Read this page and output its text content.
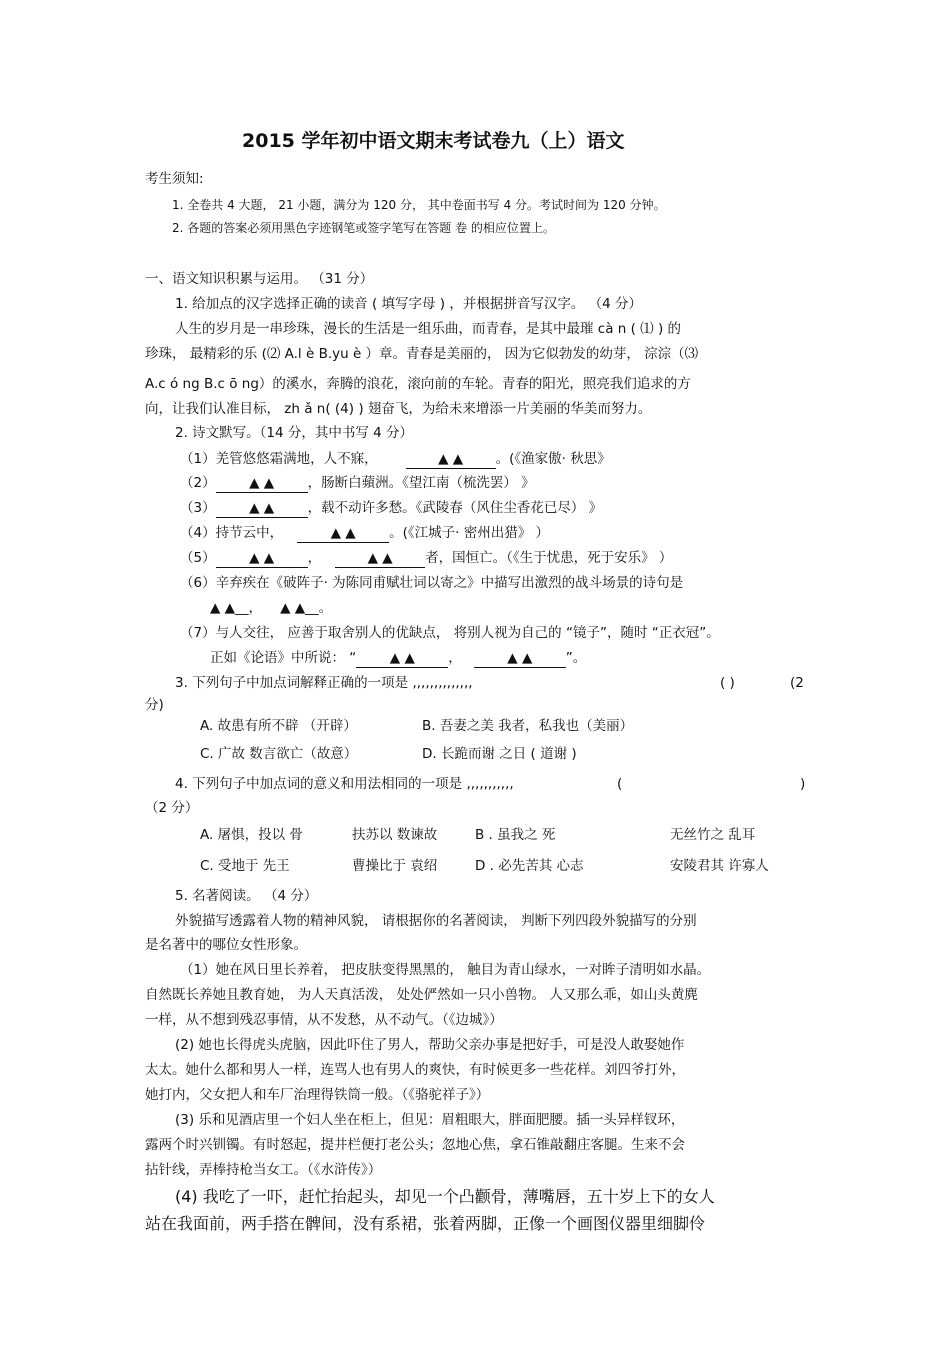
2015 学年初中语文期末考试卷九（上）语文
考生须知:
1. 全卷共 4 大题， 21 小题，满分为 120 分， 其中卷面书写 4 分。考试时间为 120 分钟。
2. 各题的答案必须用黑色字迹钢笔或签字笔写在答题 卷 的相应位置上。
一、语文知识积累与运用。 （31 分）
1. 给加点的汉字选择正确的读音 ( 填写字母 ) ，并根据拼音写汉字。 （4 分）
人生的岁月是一串珍珠，漫长的生活是一组乐曲，而青春，是其中最璀 cà n ( ⑴ ) 的
珍珠， 最精彩的乐 (⑵ A.l è B.yu è ）章。青春是美丽的， 因为它似勃发的幼芽， 淙淙（⑶
A.c ó ng B.c ō ng）的溪水，奔腾的浪花，滚向前的车轮。青春的阳光，照亮我们追求的方
向，让我们认准目标， zh ǎ n( (4) ) 翅奋飞，为给未来增添一片美丽的华美而努力。
2. 诗文默写。（14 分，其中书写 4 分）
（1）羌管悠悠霜满地，人不寐，	▲ ▲ 。(《渔家傲· 秋思》
（2） ▲ ▲ ，肠断白蘋洲。《望江南（梳洗罢） 》
（3） ▲ ▲ ，载不动许多愁。《武陵春（风住尘香花已尽） 》
（4）持节云中，	▲ ▲ 。(《江城子· 密州出猎》 ）
（5） ▲ ▲ ，	▲ ▲ 者，国恒亡。（《生于忧患，死于安乐》 ）
（6）辛弃疾在《破阵子· 为陈同甫赋壮词以寄之》中描写出激烈的战斗场景的诗句是
▲ ▲__， ▲ ▲__。
（7）与人交往， 应善于取舍别人的优缺点， 将别人视为自己的 “镜子”，随时 “正衣冠”。
正如《论语》中所说： “ ▲ ▲ ，	▲ ▲ ”。
3. 下列句子中加点词解释正确的一项是 ,,,,,,,,,,,,,,	( )	(2
分)
A. 故患有所不辟 （开辟）	B. 吾妻之美 我者，私我也（美丽）
C. 广故 数言欲亡（故意）	D. 长跪而谢 之日 ( 道谢 )
4. 下列句子中加点词的意义和用法相同的一项是 ,,,,,,,,,,,	(	)
（2 分）
A. 屠惧，投以 骨	扶苏以 数谏故	B . 虽我之 死	无丝竹之 乱耳
C. 受地于 先王	曹操比于 袁绍	D . 必先苦其 心志	安陵君其 许寡人
5. 名著阅读。 （4 分）
外貌描写透露着人物的精神风貌， 请根据你的名著阅读， 判断下列四段外貌描写的分别
是名著中的哪位女性形象。
（1）她在风日里长养着， 把皮肤变得黑黑的， 触目为青山绿水，一对眸子清明如水晶。
自然既长养她且教育她， 为人天真活泼， 处处俨然如一只小兽物。 人又那么乖，如山头黄麂
一样，从不想到残忍事情，从不发愁，从不动气。（《边城》）
(2) 她也长得虎头虎脑，因此吓住了男人，帮助父亲办事是把好手，可是没人敢娶她作
太太。她什么都和男人一样，连骂人也有男人的爽快，有时候更多一些花样。刘四爷打外，
她打内，父女把人和车厂治理得铁筒一般。（《骆驼祥子》）
(3) 乐和见酒店里一个妇人坐在柜上，但见：眉粗眼大，胖面肥腰。插一头异样钗环，
露两个时兴钏镯。有时怒起，提井栏便打老公头；忽地心焦，拿石锥敲翻庄客腿。生来不会
拈针线，弄棒持枪当女工。（《水浒传》）
(4) 我吃了一吓，赶忙抬起头，却见一个凸颧骨，薄嘴唇，五十岁上下的女人
站在我面前，两手搭在髀间，没有系裙，张着两脚，正像一个画图仪器里细脚伶
